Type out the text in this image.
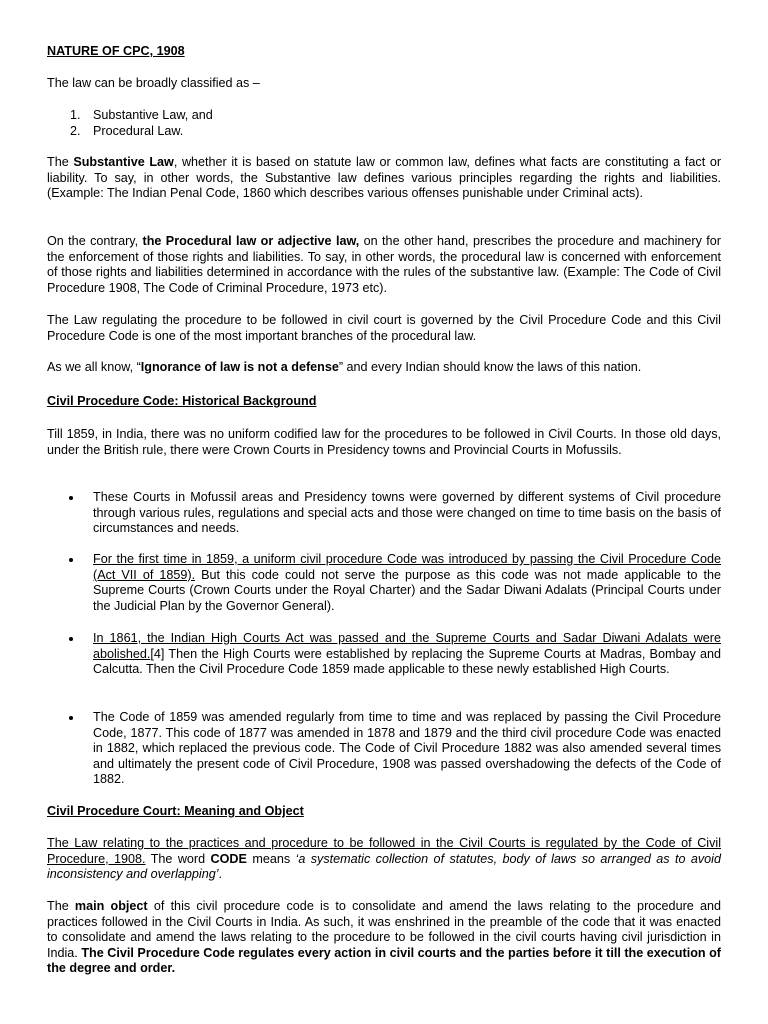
NATURE OF CPC, 1908

The law can be broadly classified as –

1. Substantive Law, and
2. Procedural Law.

The Substantive Law, whether it is based on statute law or common law, defines what facts are constituting a fact or liability. To say, in other words, the Substantive law defines various principles regarding the rights and liabilities. (Example: The Indian Penal Code, 1860 which describes various offenses punishable under Criminal acts).

On the contrary, the Procedural law or adjective law, on the other hand, prescribes the procedure and machinery for the enforcement of those rights and liabilities. To say, in other words, the procedural law is concerned with enforcement of those rights and liabilities determined in accordance with the rules of the substantive law. (Example: The Code of Civil Procedure 1908, The Code of Criminal Procedure, 1973 etc).

The Law regulating the procedure to be followed in civil court is governed by the Civil Procedure Code and this Civil Procedure Code is one of the most important branches of the procedural law.

As we all know, “Ignorance of law is not a defense” and every Indian should know the laws of this nation.

Civil Procedure Code: Historical Background

Till 1859, in India, there was no uniform codified law for the procedures to be followed in Civil Courts. In those old days, under the British rule, there were Crown Courts in Presidency towns and Provincial Courts in Mofussils.

These Courts in Mofussil areas and Presidency towns were governed by different systems of Civil procedure through various rules, regulations and special acts and those were changed on time to time basis on the basis of circumstances and needs.
For the first time in 1859, a uniform civil procedure Code was introduced by passing the Civil Procedure Code (Act VII of 1859). But this code could not serve the purpose as this code was not made applicable to the Supreme Courts (Crown Courts under the Royal Charter) and the Sadar Diwani Adalats (Principal Courts under the Judicial Plan by the Governor General).
In 1861, the Indian High Courts Act was passed and the Supreme Courts and Sadar Diwani Adalats were abolished.[4] Then the High Courts were established by replacing the Supreme Courts at Madras, Bombay and Calcutta. Then the Civil Procedure Code 1859 made applicable to these newly established High Courts.
The Code of 1859 was amended regularly from time to time and was replaced by passing the Civil Procedure Code, 1877. This code of 1877 was amended in 1878 and 1879 and the third civil procedure Code was enacted in 1882, which replaced the previous code. The Code of Civil Procedure 1882 was also amended several times and ultimately the present code of Civil Procedure, 1908 was passed overshadowing the defects of the Code of 1882.

Civil Procedure Court: Meaning and Object

The Law relating to the practices and procedure to be followed in the Civil Courts is regulated by the Code of Civil Procedure, 1908. The word CODE means ‘a systematic collection of statutes, body of laws so arranged as to avoid inconsistency and overlapping’.

The main object of this civil procedure code is to consolidate and amend the laws relating to the procedure and practices followed in the Civil Courts in India. As such, it was enshrined in the preamble of the code that it was enacted to consolidate and amend the laws relating to the procedure to be followed in the civil courts having civil jurisdiction in India. The Civil Procedure Code regulates every action in civil courts and the parties before it till the execution of the degree and order.
